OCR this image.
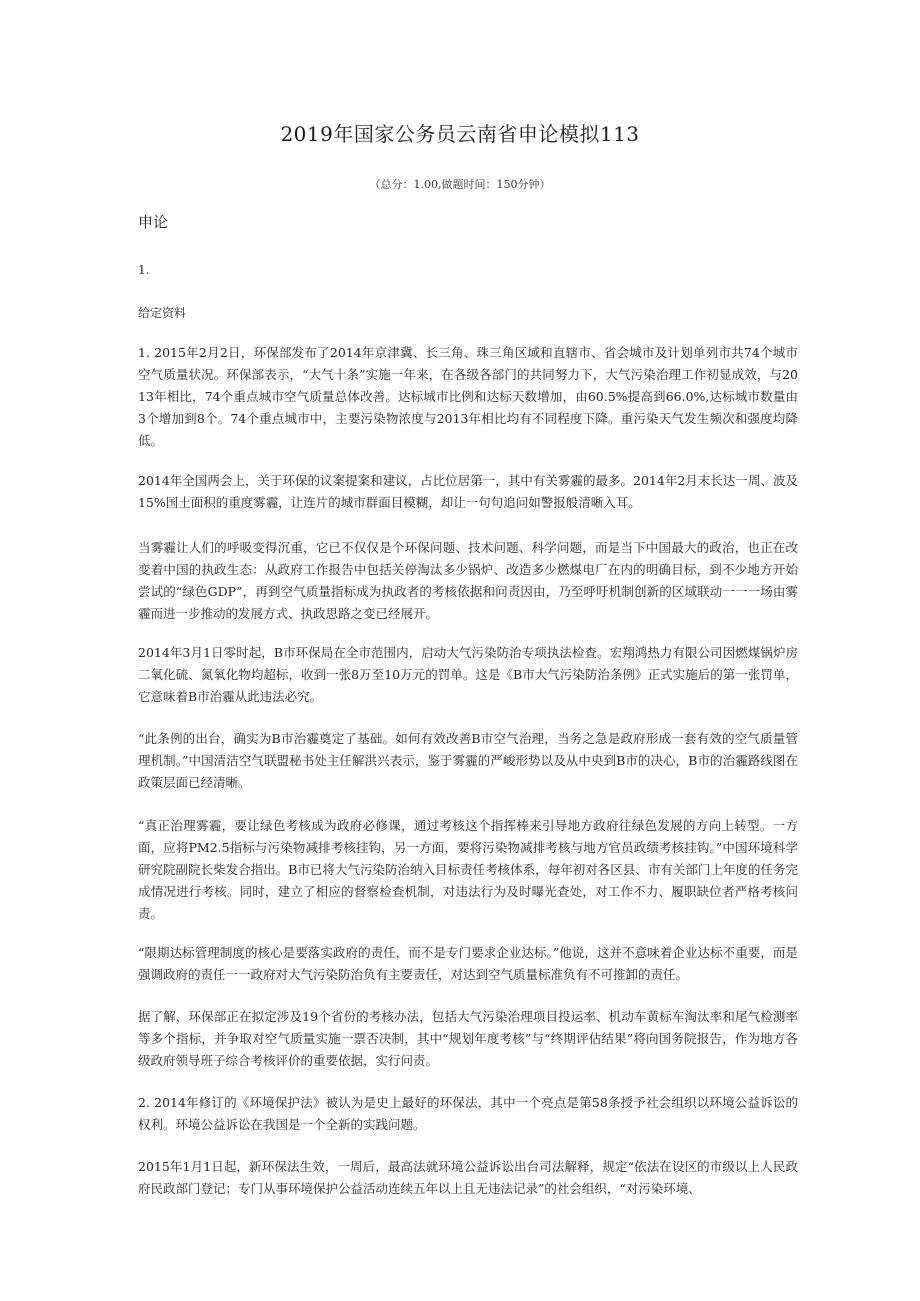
2019年国家公务员云南省申论模拟113
（总分：1.00,做题时间：150分钟）
申论
1.
给定资料

1. 2015年2月2日，环保部发布了2014年京津冀、长三角、珠三角区域和直辖市、省会城市及计划单列市共74个城市空气质量状况。环保部表示，“大气十条”实施一年来，在各级各部门的共同努力下，大气污染治理工作初显成效，与2013年相比，74个重点城市空气质量总体改善。达标城市比例和达标天数增加，由60.5%提高到66.0%,达标城市数量由3个增加到8个。74个重点城市中，主要污染物浓度与2013年相比均有不同程度下降。重污染天气发生频次和强度均降低。

2014年全国两会上，关于环保的议案提案和建议，占比位居第一，其中有关雾霾的最多。2014年2月末长达一周、波及15%国土面积的重度雾霾，让连片的城市群面目模糊，却让一句句追问如警报般清晰入耳。

当雾霾让人们的呼吸变得沉重，它已不仅仅是个环保问题、技术问题、科学问题，而是当下中国最大的政治，也正在改变着中国的执政生态：从政府工作报告中包括关停淘汰多少锅炉、改造多少燃煤电厂在内的明确目标，到不少地方开始尝试的“绿色GDP”，再到空气质量指标成为执政者的考核依据和问责因由，乃至呼吁机制创新的区域联动一一一场由雾霾而进一步推动的发展方式、执政思路之变已经展开。

2014年3月1日零时起，B市环保局在全市范围内，启动大气污染防治专项执法检查。宏翔鸿热力有限公司因燃煤锅炉房二氧化硫、氮氧化物均超标，收到一张8万至10万元的罚单。这是《B市大气污染防治条例》正式实施后的第一张罚单，它意味着B市治霾从此违法必究。

“此条例的出台，确实为B市治霾奠定了基础。如何有效改善B市空气治理，当务之急是政府形成一套有效的空气质量管理机制。”中国清洁空气联盟秘书处主任解洪兴表示，鉴于雾霾的严峻形势以及从中央到B市的决心，B市的治霾路线图在政策层面已经清晰。

“真正治理雾霾，要让绿色考核成为政府必修课，通过考核这个指挥棒来引导地方政府往绿色发展的方向上转型。一方面，应将PM2.5指标与污染物减排考核挂钩，另一方面，要将污染物减排考核与地方官员政绩考核挂钩。”中国环境科学研究院副院长柴发合指出。B市已将大气污染防治纳入目标责任考核体系，每年初对各区县、市有关部门上年度的任务完成情况进行考核。同时，建立了相应的督察检查机制，对违法行为及时曝光查处，对工作不力、履职缺位者严格考核问责。

“限期达标管理制度的核心是要落实政府的责任，而不是专门要求企业达标。”他说，这并不意味着企业达标不重要，而是强调政府的责任一一政府对大气污染防治负有主要责任，对达到空气质量标准负有不可推卸的责任。

据了解，环保部正在拟定涉及19个省份的考核办法，包括大气污染治理项目投运率、机动车黄标车淘汰率和尾气检测率等多个指标，并争取对空气质量实施一票否决制，其中“规划年度考核”与“终期评估结果”将向国务院报告，作为地方各级政府领导班子综合考核评价的重要依据，实行问责。

2. 2014年修订的《环境保护法》被认为是史上最好的环保法，其中一个亮点是第58条授予社会组织以环境公益诉讼的权利。环境公益诉讼在我国是一个全新的实践问题。

2015年1月1日起，新环保法生效，一周后，最高法就环境公益诉讼出台司法解释，规定“依法在设区的市级以上人民政府民政部门登记；专门从事环境保护公益活动连续五年以上且无违法记录”的社会组织，“对污染环境、
